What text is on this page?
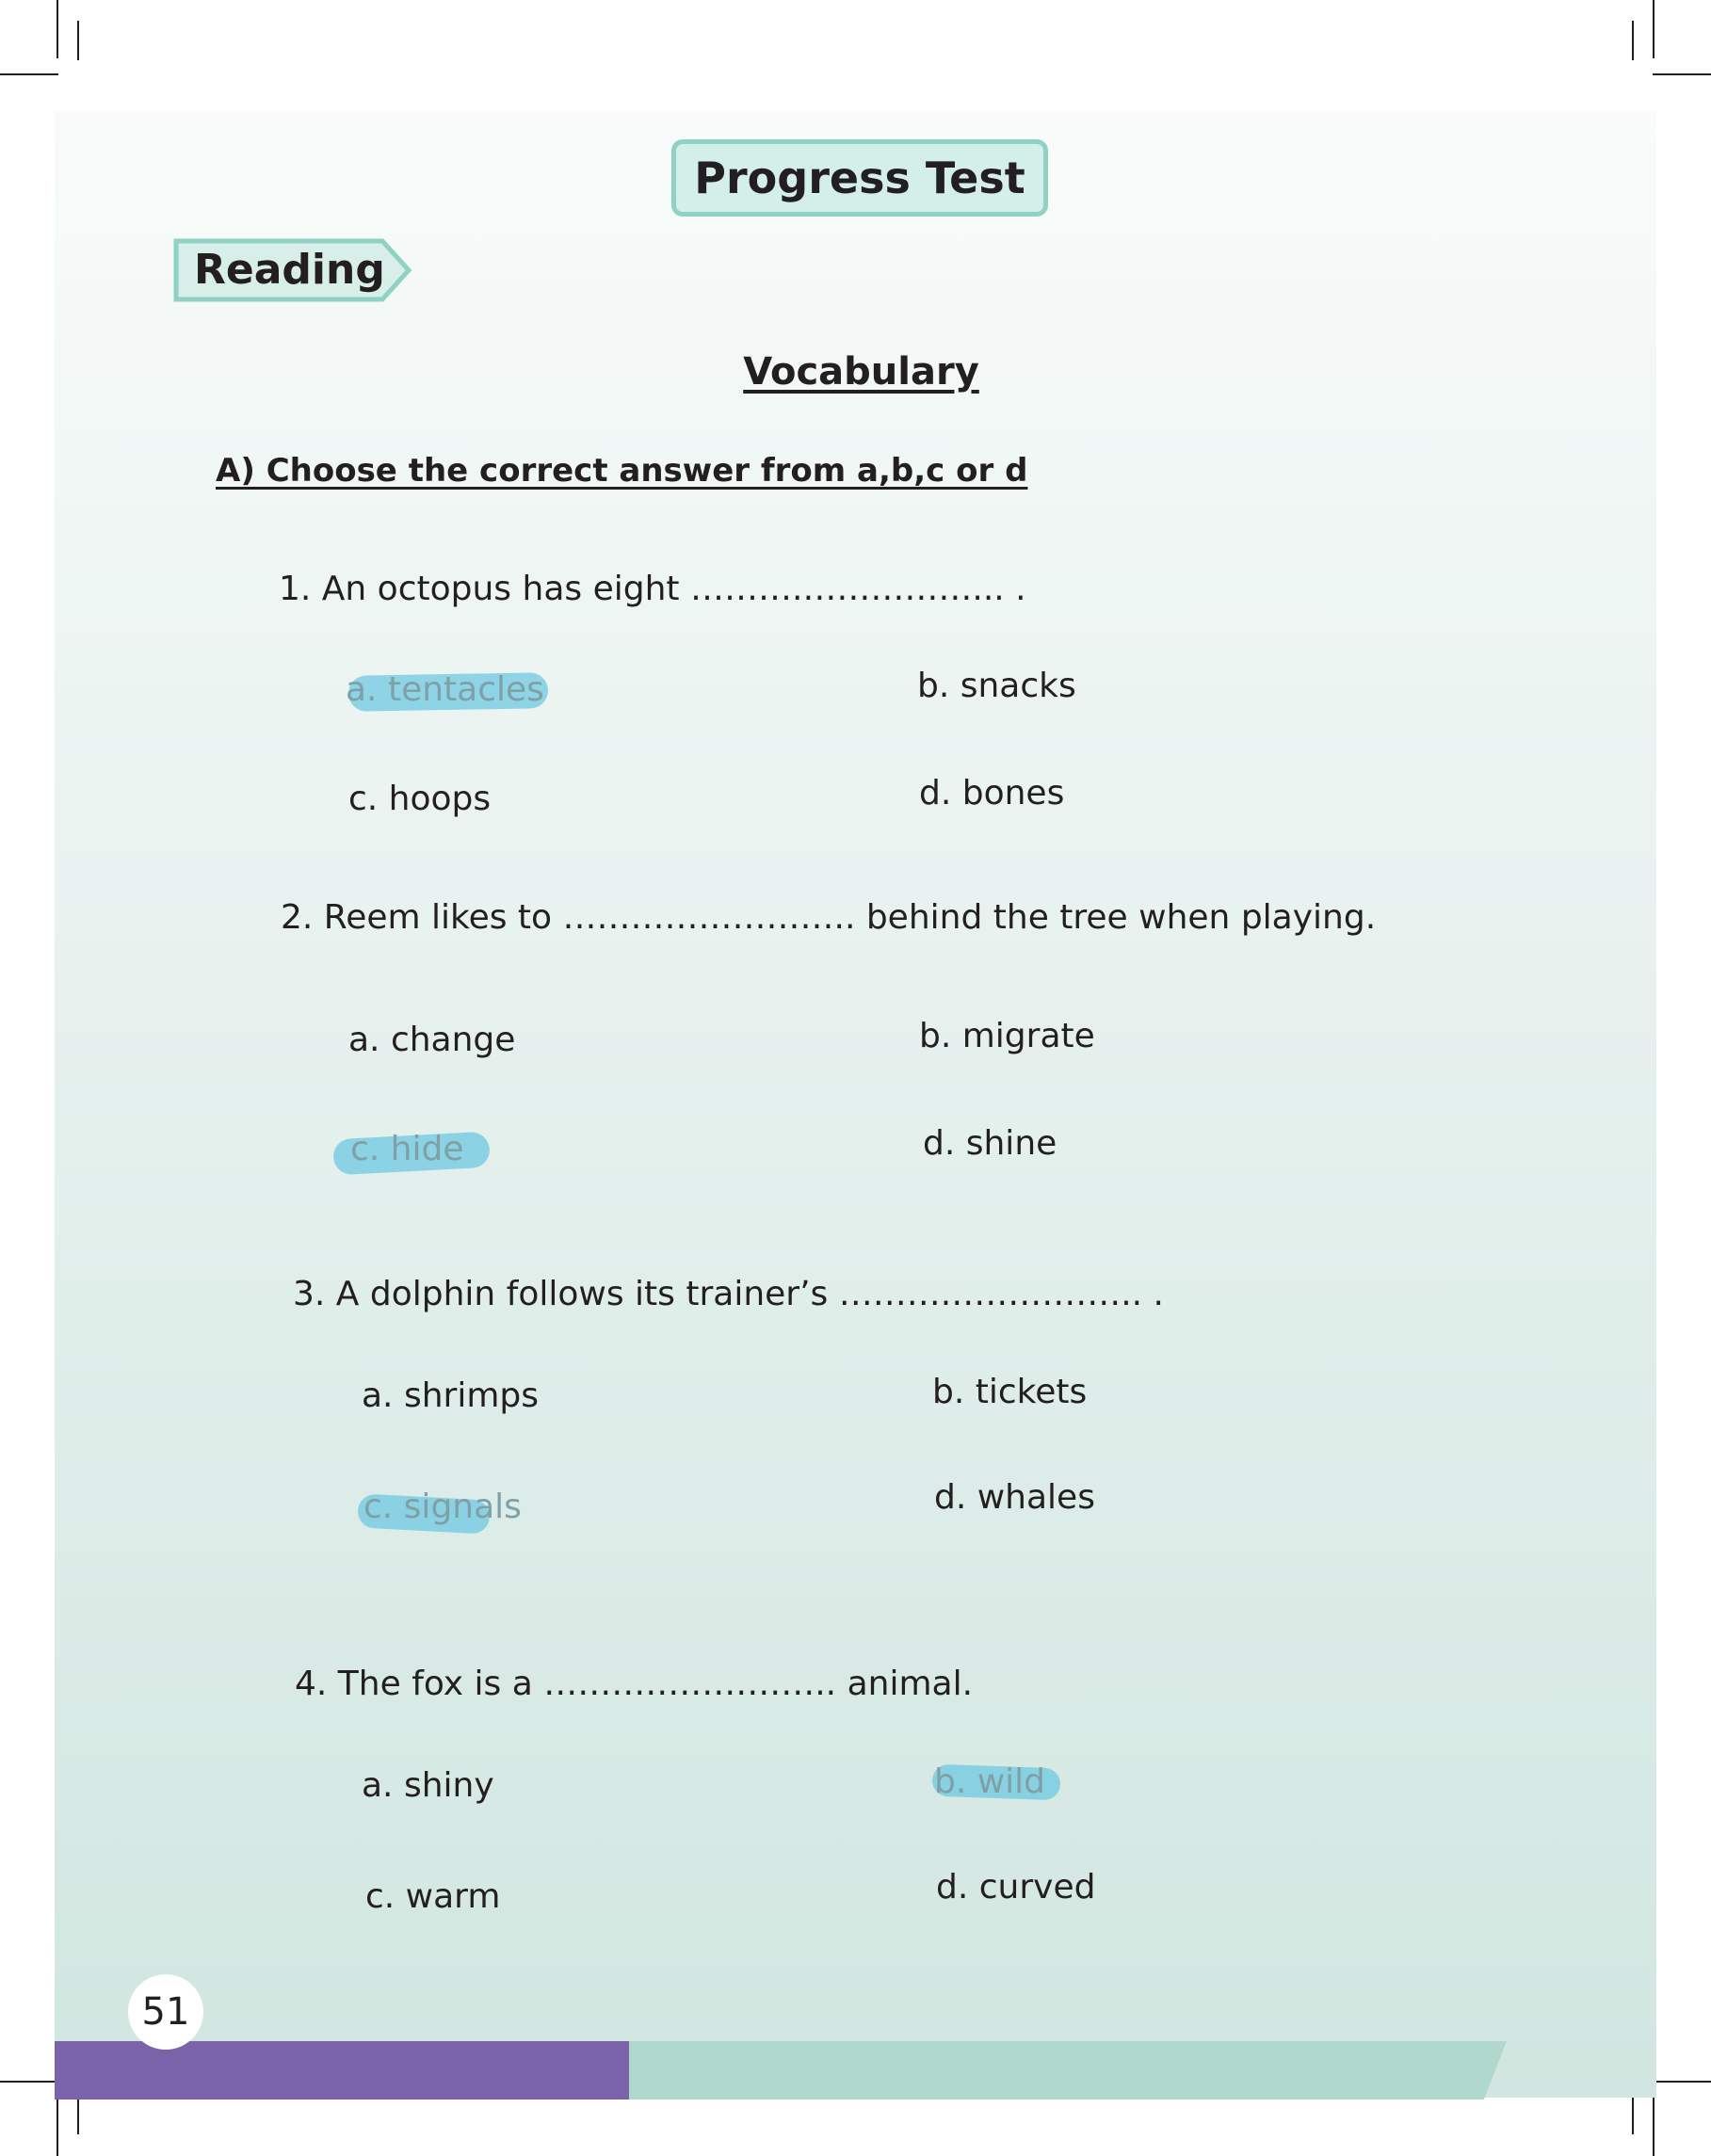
Progress Test
Reading
Vocabulary
A) Choose the correct answer from a,b,c or d
1. An octopus has eight ……….……………... .
a. tentacles	b. snacks
c. hoops	d. bones
2. Reem likes to …………………….. behind the tree when playing.
a. change	b. migrate
c. hide	d. shine
3. A dolphin follows its trainer’s ……….…………….. .
a. shrimps	b. tickets
c. signals	d. whales
4. The fox is a …………………….. animal.
a. shiny	b. wild
c. warm	d. curved
51
